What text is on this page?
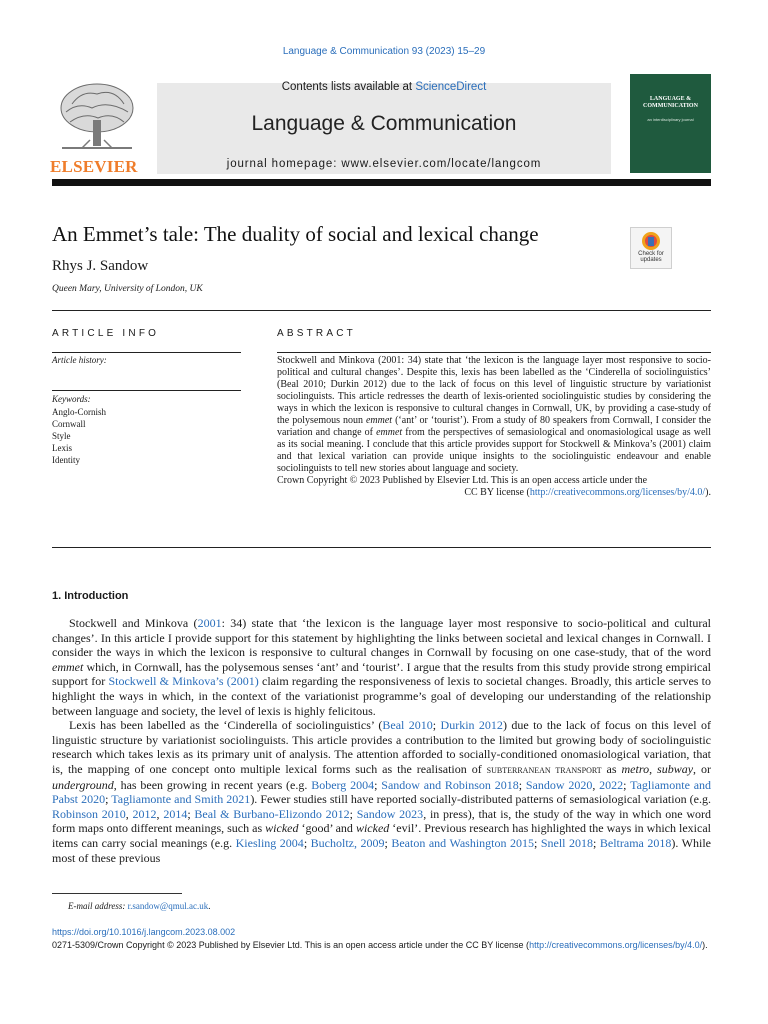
Language & Communication 93 (2023) 15–29
Contents lists available at ScienceDirect
Language & Communication
journal homepage: www.elsevier.com/locate/langcom
ELSEVIER
LANGUAGE & COMMUNICATION
an interdisciplinary journal
An Emmet’s tale: The duality of social and lexical change
Rhys J. Sandow
Queen Mary, University of London, UK
Check for
updates
ARTICLE INFO
Article history:
Keywords:
Anglo-Cornish
Cornwall
Style
Lexis
Identity
ABSTRACT
Stockwell and Minkova (2001: 34) state that ‘the lexicon is the language layer most responsive to socio-political and cultural changes’. Despite this, lexis has been labelled as the ‘Cinderella of sociolinguistics’ (Beal 2010; Durkin 2012) due to the lack of focus on this level of linguistic structure by variationist sociolinguists. This article redresses the dearth of lexis-oriented sociolinguistic studies by considering the ways in which the lexicon is responsive to cultural changes in Cornwall, UK, by providing a case-study of the polysemous noun emmet (‘ant’ or ‘tourist’). From a study of 80 speakers from Cornwall, I consider the variation and change of emmet from the perspectives of semasiological and onomasiological usage as well as its social meaning. I conclude that this article provides support for Stockwell & Minkova’s (2001) claim and that lexical variation can provide unique insights to the sociolinguistic endeavour and enable sociolinguists to tell new stories about language and society.
Crown Copyright © 2023 Published by Elsevier Ltd. This is an open access article under the
CC BY license (http://creativecommons.org/licenses/by/4.0/).
1. Introduction

Stockwell and Minkova (2001: 34) state that ‘the lexicon is the language layer most responsive to socio-political and cultural changes’. In this article I provide support for this statement by highlighting the links between societal and lexical changes in Cornwall. I consider the ways in which the lexicon is responsive to cultural changes in Cornwall by focusing on one case-study, that of the word emmet which, in Cornwall, has the polysemous senses ‘ant’ and ‘tourist’. I argue that the results from this study provide strong empirical support for Stockwell & Minkova’s (2001) claim regarding the responsiveness of lexis to societal changes. Broadly, this article serves to highlight the ways in which, in the context of the variationist programme’s goal of developing our understanding of the relationship between language and society, the level of lexis is highly felicitous.

Lexis has been labelled as the ‘Cinderella of sociolinguistics’ (Beal 2010; Durkin 2012) due to the lack of focus on this level of linguistic structure by variationist sociolinguists. This article provides a contribution to the limited but growing body of sociolinguistic research which takes lexis as its primary unit of analysis. The attention afforded to socially-conditioned onomasiological variation, that is, the mapping of one concept onto multiple lexical forms such as the realisation of subterranean transport as metro, subway, or underground, has been growing in recent years (e.g. Boberg 2004; Sandow and Robinson 2018; Sandow 2020, 2022; Tagliamonte and Pabst 2020; Tagliamonte and Smith 2021). Fewer studies still have reported socially-distributed patterns of semasiological variation (e.g. Robinson 2010, 2012, 2014; Beal & Burbano-Elizondo 2012; Sandow 2023, in press), that is, the study of the way in which one word form maps onto different meanings, such as wicked ‘good’ and wicked ‘evil’. Previous research has highlighted the ways in which lexical items can carry social meanings (e.g. Kiesling 2004; Bucholtz, 2009; Beaton and Washington 2015; Snell 2018; Beltrama 2018). While most of these previous

E-mail address: r.sandow@qmul.ac.uk.
https://doi.org/10.1016/j.langcom.2023.08.002
0271-5309/Crown Copyright © 2023 Published by Elsevier Ltd. This is an open access article under the CC BY license (http://creativecommons.org/licenses/by/4.0/).
